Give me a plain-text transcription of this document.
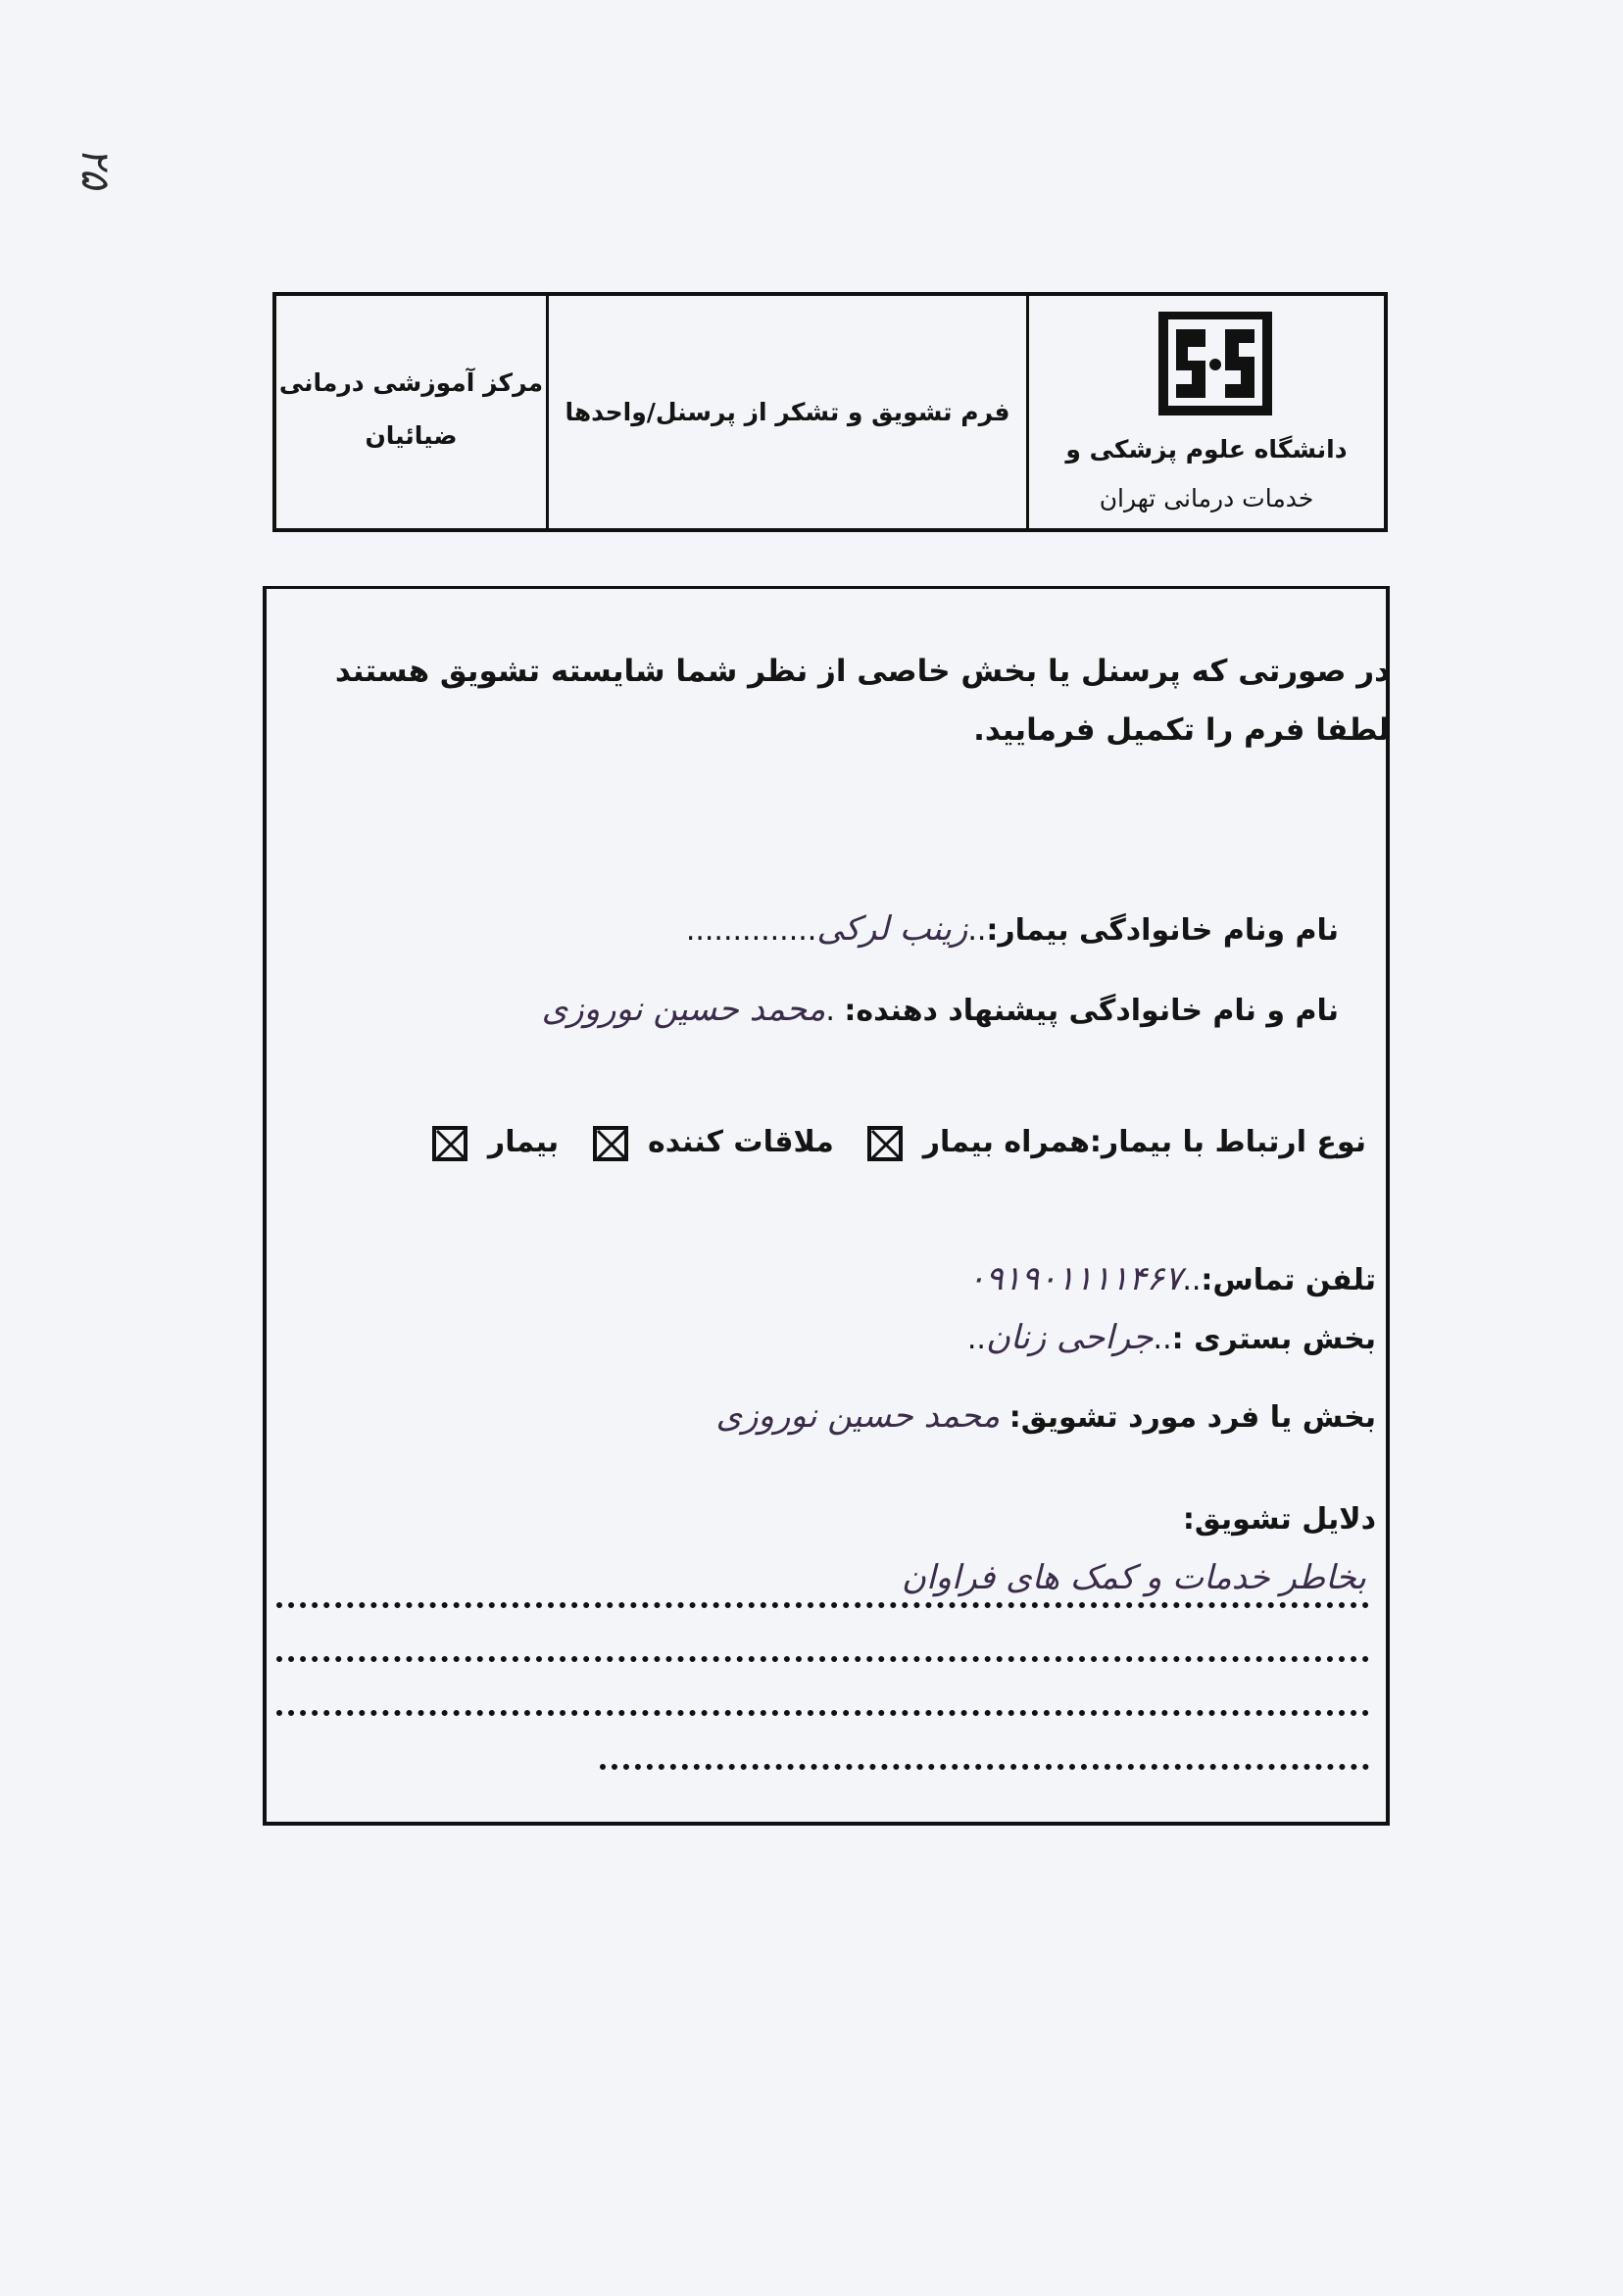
۲۵
مرکز آموزشی درمانی
ضیائیان
فرم تشویق و تشکر از پرسنل/واحدها
دانشگاه علوم پزشکی و
خدمات درمانی تهران
در صورتی که پرسنل یا بخش خاصی از نظر شما شایسته تشویق هستند لطفا فرم را تکمیل فرمایید.
نام ونام خانوادگی بیمار:..زینب لرکی..............
نام و نام خانوادگی پیشنهاد دهنده: .محمد حسین نوروزی
نوع ارتباط با بیمار:همراه بیمار
ملاقات کننده
بیمار
تلفن تماس:..۰۹۱۹۰۱۱۱۱۴۶۷
بخش بستری :..جراحی زنان..
بخش یا فرد مورد تشویق: محمد حسین نوروزی
دلایل تشویق:
بخاطر خدمات و کمک های فراوان
